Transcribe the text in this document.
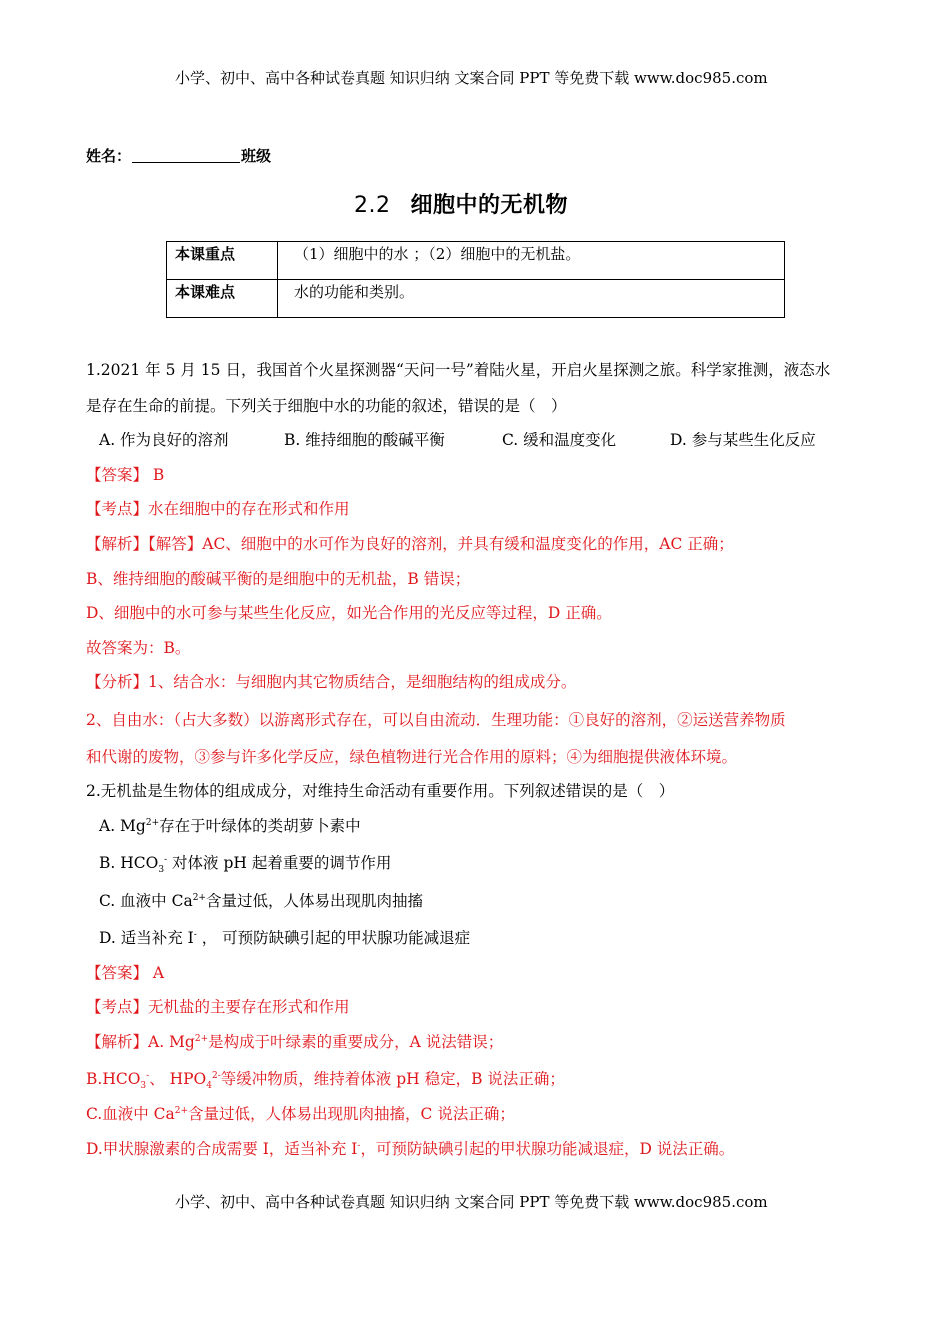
小学、初中、高中各种试卷真题 知识归纳 文案合同 PPT 等免费下载 www.doc985.com
姓名：	班级
2.2 细胞中的无机物
本课重点	（1）细胞中的水 ；（2）细胞中的无机盐。
本课难点	水的功能和类别。
1.2021 年 5 月 15 日，我国首个火星探测器“天问一号”着陆火星，开启火星探测之旅。科学家推测，液态水
是存在生命的前提。下列关于细胞中水的功能的叙述，错误的是（　）
A. 作为良好的溶剂	B. 维持细胞的酸碱平衡	C. 缓和温度变化	D. 参与某些生化反应
【答案】 B
【考点】水在细胞中的存在形式和作用
【解析】【解答】AC、细胞中的水可作为良好的溶剂，并具有缓和温度变化的作用，AC 正确；
B、维持细胞的酸碱平衡的是细胞中的无机盐，B 错误；
D、细胞中的水可参与某些生化反应，如光合作用的光反应等过程，D 正确。
故答案为：B。
【分析】1、结合水：与细胞内其它物质结合，是细胞结构的组成成分。
2、自由水：（占大多数）以游离形式存在，可以自由流动．生理功能：①良好的溶剂，②运送营养物质
和代谢的废物，③参与许多化学反应，绿色植物进行光合作用的原料；④为细胞提供液体环境。
2.无机盐是生物体的组成成分，对维持生命活动有重要作用。下列叙述错误的是（　）
A. $Mg^{2+}$存在于叶绿体的类胡萝卜素中
B. $HCO_3^-$ 对体液 pH 起着重要的调节作用
C. 血液中 $Ca^{2+}$含量过低，人体易出现肌肉抽搐
D. 适当补充 I- ， 可预防缺碘引起的甲状腺功能减退症
【答案】 A
【考点】无机盐的主要存在形式和作用
【解析】A. $Mg^{2+}$是构成于叶绿素的重要成分，A 说法错误；
$B.HCO_3^-$、 $HPO_4^{2-}$等缓冲物质，维持着体液 pH 稳定，B 说法正确；
C.血液中 $Ca^{2+}$含量过低，人体易出现肌肉抽搐，C 说法正确；
D.甲状腺激素的合成需要 I，适当补充 I-，可预防缺碘引起的甲状腺功能减退症，D 说法正确。
小学、初中、高中各种试卷真题 知识归纳 文案合同 PPT 等免费下载 www.doc985.com
